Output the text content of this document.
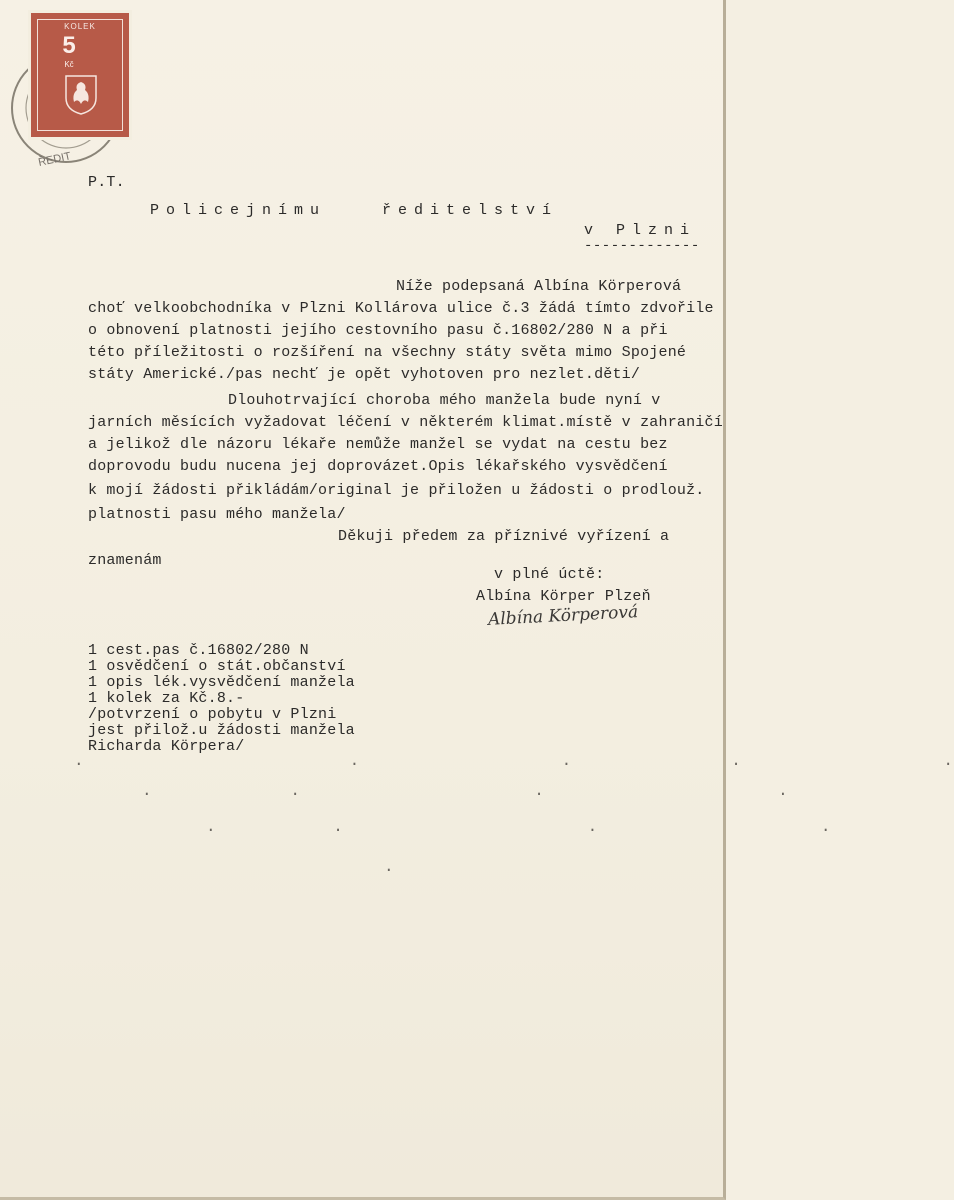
ŘEDIT
KOLEK
5
Kč
P.T.
Policejnímu	ředitelství
v Plzni
-------------
Níže podepsaná Albína Körperová
choť velkoobchodníka v Plzni Kollárova ulice č.3 žádá tímto zdvořile
o obnovení platnosti jejího cestovního pasu č.16802/280 N a při
této příležitosti o rozšíření na všechny státy světa mimo Spojené
státy Americké./pas nechť je opět vyhotoven pro nezlet.děti/
Dlouhotrvající choroba mého manžela bude nyní v
jarních měsících vyžadovat léčení v některém klimat.místě v zahraničí
a jelikož dle názoru lékaře nemůže manžel se vydat na cestu bez
doprovodu budu nucena jej doprovázet.Opis lékařského vysvědčení
k mojí žádosti přikládám/original je přiložen u žádosti o prodlouž.
platnosti pasu mého manžela/
Děkuji předem za příznivé vyřízení a
znamenám
v plné úctě:
Albína Körper Plzeň
Albína Körperová
1 cest.pas č.16802/280 N
1 osvědčení o stát.občanství
1 opis lék.vysvědčení manžela
1 kolek za Kč.8.-
/potvrzení o pobytu v Plzni
jest přilož.u žádosti manžela
Richarda Körpera/
.                         .                   .               .                   .
.             .                      .                      .
.           .                       .                     .
.
